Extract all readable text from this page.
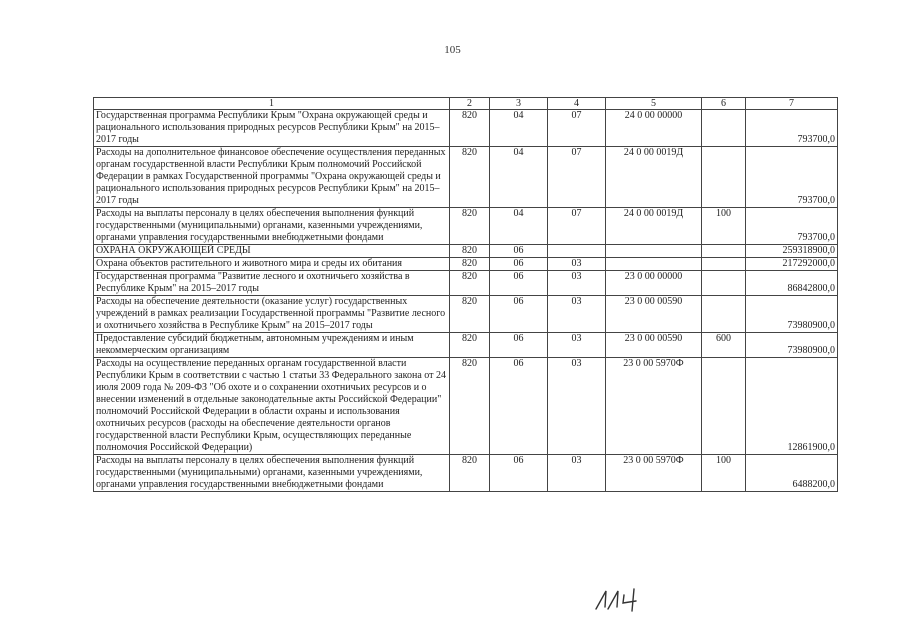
105
1	2	3	4	5	6	7
Государственная программа Республики Крым "Охрана окружающей среды и рационального использования природных ресурсов Республики Крым" на 2015–2017 годы	820	04	07	24 0 00 00000		793700,0
Расходы на дополнительное финансовое обеспечение осуществления переданных органам государственной власти Республики Крым полномочий Российской Федерации в рамках Государственной программы "Охрана окружающей среды и рационального использования природных ресурсов Республики Крым" на 2015–2017 годы	820	04	07	24 0 00 0019Д		793700,0
Расходы на выплаты персоналу в целях обеспечения выполнения функций государственными (муниципальными) органами, казенными учреждениями, органами управления государственными внебюджетными фондами	820	04	07	24 0 00 0019Д	100	793700,0
ОХРАНА ОКРУЖАЮЩЕЙ СРЕДЫ	820	06				259318900,0
Охрана объектов растительного и животного мира и среды их обитания	820	06	03			217292000,0
Государственная программа "Развитие лесного и охотничьего хозяйства в Республике Крым" на 2015–2017 годы	820	06	03	23 0 00 00000		86842800,0
Расходы на обеспечение деятельности (оказание услуг) государственных учреждений в рамках реализации Государственной программы "Развитие лесного и охотничьего хозяйства в Республике Крым" на 2015–2017 годы	820	06	03	23 0 00 00590		73980900,0
Предоставление субсидий бюджетным, автономным учреждениям и иным некоммерческим организациям	820	06	03	23 0 00 00590	600	73980900,0
Расходы на осуществление переданных органам государственной власти Республики Крым в соответствии с частью 1 статьи 33 Федерального закона от 24 июля 2009 года № 209-ФЗ "Об охоте и о сохранении охотничьих ресурсов и о внесении изменений в отдельные законодательные акты Российской Федерации" полномочий Российской Федерации в области охраны и использования охотничьих ресурсов (расходы на обеспечение деятельности органов государственной власти Республики Крым, осуществляющих переданные полномочия Российской Федерации)	820	06	03	23 0 00 5970Ф		12861900,0
Расходы на выплаты персоналу в целях обеспечения выполнения функций государственными (муниципальными) органами, казенными учреждениями, органами управления государственными внебюджетными фондами	820	06	03	23 0 00 5970Ф	100	6488200,0
